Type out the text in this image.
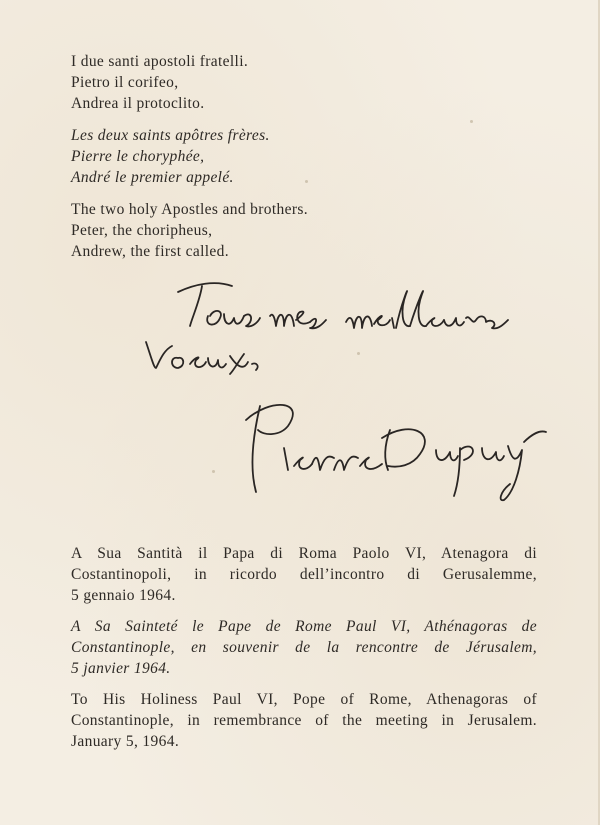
I due santi apostoli fratelli.
Pietro il corifeo,
Andrea il protoclito.
Les deux saints apôtres frères.
Pierre le choryphée,
André le premier appelé.
The two holy Apostles and brothers.
Peter, the choripheus,
Andrew, the first called.
A Sua Santità il Papa di Roma Paolo VI, Atenagora di
Costantinopoli, in ricordo dell’incontro di Gerusalemme,
5 gennaio 1964.
A Sa Sainteté le Pape de Rome Paul VI, Athénagoras de
Constantinople, en souvenir de la rencontre de Jérusalem,
5 janvier 1964.
To His Holiness Paul VI, Pope of Rome, Athenagoras of
Constantinople, in remembrance of the meeting in Jerusalem.
January 5, 1964.
